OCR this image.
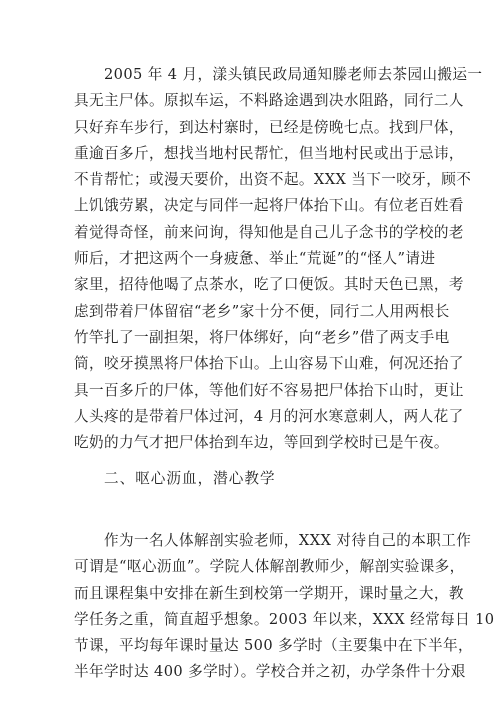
2005 年 4 月，漾头镇民政局通知滕老师去茶园山搬运一
具无主尸体。原拟车运，不料路途遇到决水阻路，同行二人
只好弃车步行，到达村寨时，已经是傍晚七点。找到尸体，
重逾百多斤，想找当地村民帮忙，但当地村民或出于忌讳，
不肯帮忙；或漫天要价，出资不起。XXX 当下一咬牙，顾不
上饥饿劳累，决定与同伴一起将尸体抬下山。有位老百姓看
着觉得奇怪，前来问询，得知他是自己儿子念书的学校的老
师后，才把这两个一身疲惫、举止“荒诞”的“怪人”请进
家里，招待他喝了点茶水，吃了口便饭。其时天色已黑，考
虑到带着尸体留宿“老乡”家十分不便，同行二人用两根长
竹竿扎了一副担架，将尸体绑好，向“老乡”借了两支手电
筒，咬牙摸黑将尸体抬下山。上山容易下山难，何况还抬了
具一百多斤的尸体，等他们好不容易把尸体抬下山时，更让
人头疼的是带着尸体过河，4 月的河水寒意刺人，两人花了
吃奶的力气才把尸体抬到车边，等回到学校时已是午夜。
二、呕心沥血，潜心教学
作为一名人体解剖实验老师，XXX 对待自己的本职工作
可谓是“呕心沥血”。学院人体解剖教师少，解剖实验课多，
而且课程集中安排在新生到校第一学期开，课时量之大，教
学任务之重，简直超乎想象。2003 年以来，XXX 经常每日 10
节课，平均每年课时量达 500 多学时（主要集中在下半年，
半年学时达 400 多学时）。学校合并之初，办学条件十分艰
